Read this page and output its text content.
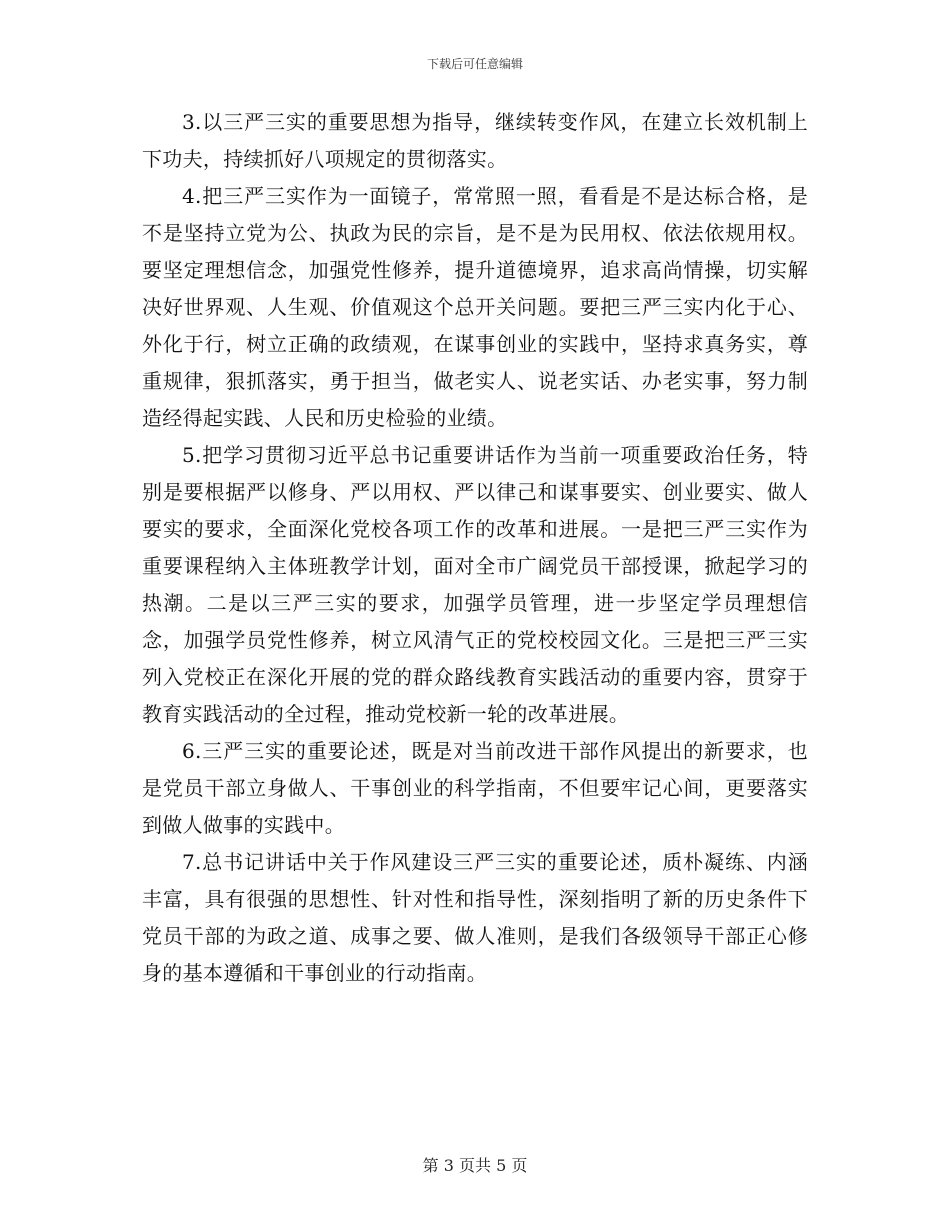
下载后可任意编辑

3.以三严三实的重要思想为指导，继续转变作风，在建立长效机制上下功夫，持续抓好八项规定的贯彻落实。

4.把三严三实作为一面镜子，常常照一照，看看是不是达标合格，是不是坚持立党为公、执政为民的宗旨，是不是为民用权、依法依规用权。要坚定理想信念，加强党性修养，提升道德境界，追求高尚情操，切实解决好世界观、人生观、价值观这个总开关问题。要把三严三实内化于心、外化于行，树立正确的政绩观，在谋事创业的实践中，坚持求真务实，尊重规律，狠抓落实，勇于担当，做老实人、说老实话、办老实事，努力制造经得起实践、人民和历史检验的业绩。

5.把学习贯彻习近平总书记重要讲话作为当前一项重要政治任务，特别是要根据严以修身、严以用权、严以律己和谋事要实、创业要实、做人要实的要求，全面深化党校各项工作的改革和进展。一是把三严三实作为重要课程纳入主体班教学计划，面对全市广阔党员干部授课，掀起学习的热潮。二是以三严三实的要求，加强学员管理，进一步坚定学员理想信念，加强学员党性修养，树立风清气正的党校校园文化。三是把三严三实列入党校正在深化开展的党的群众路线教育实践活动的重要内容，贯穿于教育实践活动的全过程，推动党校新一轮的改革进展。

6.三严三实的重要论述，既是对当前改进干部作风提出的新要求，也是党员干部立身做人、干事创业的科学指南，不但要牢记心间，更要落实到做人做事的实践中。

7.总书记讲话中关于作风建设三严三实的重要论述，质朴凝练、内涵丰富，具有很强的思想性、针对性和指导性，深刻指明了新的历史条件下党员干部的为政之道、成事之要、做人准则，是我们各级领导干部正心修身的基本遵循和干事创业的行动指南。

第 3 页共 5 页
